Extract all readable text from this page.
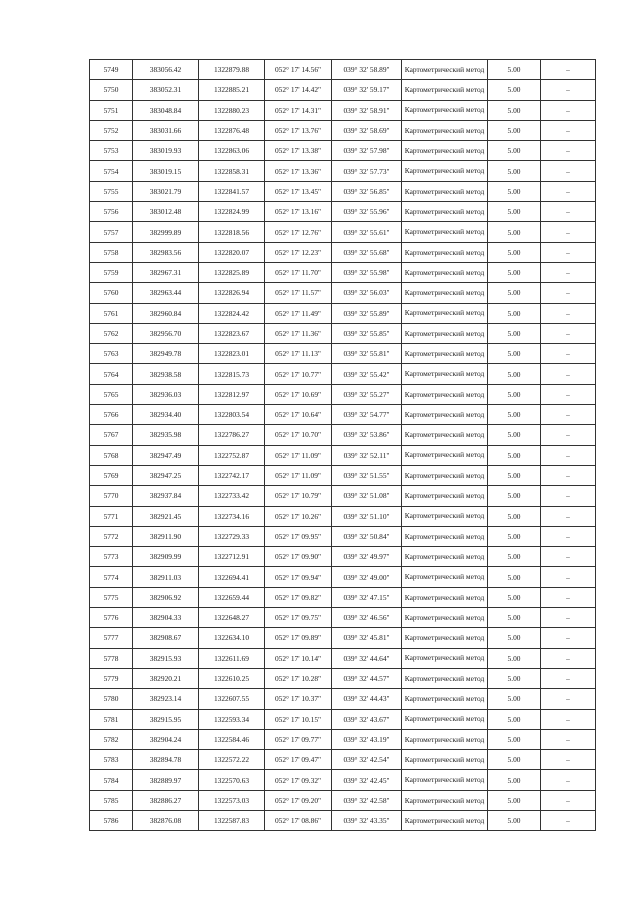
5749	383056.42	1322879.88	052° 17' 14.56"	039° 32' 58.89"	Картометрический метод	5.00	–
5750	383052.31	1322885.21	052° 17' 14.42"	039° 32' 59.17"	Картометрический метод	5.00	–
5751	383048.84	1322880.23	052° 17' 14.31"	039° 32' 58.91"	Картометрический метод	5.00	–
5752	383031.66	1322876.48	052° 17' 13.76"	039° 32' 58.69"	Картометрический метод	5.00	–
5753	383019.93	1322863.06	052° 17' 13.38"	039° 32' 57.98"	Картометрический метод	5.00	–
5754	383019.15	1322858.31	052° 17' 13.36"	039° 32' 57.73"	Картометрический метод	5.00	–
5755	383021.79	1322841.57	052° 17' 13.45"	039° 32' 56.85"	Картометрический метод	5.00	–
5756	383012.48	1322824.99	052° 17' 13.16"	039° 32' 55.96"	Картометрический метод	5.00	–
5757	382999.89	1322818.56	052° 17' 12.76"	039° 32' 55.61"	Картометрический метод	5.00	–
5758	382983.56	1322820.07	052° 17' 12.23"	039° 32' 55.68"	Картометрический метод	5.00	–
5759	382967.31	1322825.89	052° 17' 11.70"	039° 32' 55.98"	Картометрический метод	5.00	–
5760	382963.44	1322826.94	052° 17' 11.57"	039° 32' 56.03"	Картометрический метод	5.00	–
5761	382960.84	1322824.42	052° 17' 11.49"	039° 32' 55.89"	Картометрический метод	5.00	–
5762	382956.70	1322823.67	052° 17' 11.36"	039° 32' 55.85"	Картометрический метод	5.00	–
5763	382949.78	1322823.01	052° 17' 11.13"	039° 32' 55.81"	Картометрический метод	5.00	–
5764	382938.58	1322815.73	052° 17' 10.77"	039° 32' 55.42"	Картометрический метод	5.00	–
5765	382936.03	1322812.97	052° 17' 10.69"	039° 32' 55.27"	Картометрический метод	5.00	–
5766	382934.40	1322803.54	052° 17' 10.64"	039° 32' 54.77"	Картометрический метод	5.00	–
5767	382935.98	1322786.27	052° 17' 10.70"	039° 32' 53.86"	Картометрический метод	5.00	–
5768	382947.49	1322752.87	052° 17' 11.09"	039° 32' 52.11"	Картометрический метод	5.00	–
5769	382947.25	1322742.17	052° 17' 11.09"	039° 32' 51.55"	Картометрический метод	5.00	–
5770	382937.84	1322733.42	052° 17' 10.79"	039° 32' 51.08"	Картометрический метод	5.00	–
5771	382921.45	1322734.16	052° 17' 10.26"	039° 32' 51.10"	Картометрический метод	5.00	–
5772	382911.90	1322729.33	052° 17' 09.95"	039° 32' 50.84"	Картометрический метод	5.00	–
5773	382909.99	1322712.91	052° 17' 09.90"	039° 32' 49.97"	Картометрический метод	5.00	–
5774	382911.03	1322694.41	052° 17' 09.94"	039° 32' 49.00"	Картометрический метод	5.00	–
5775	382906.92	1322659.44	052° 17' 09.82"	039° 32' 47.15"	Картометрический метод	5.00	–
5776	382904.33	1322648.27	052° 17' 09.75"	039° 32' 46.56"	Картометрический метод	5.00	–
5777	382908.67	1322634.10	052° 17' 09.89"	039° 32' 45.81"	Картометрический метод	5.00	–
5778	382915.93	1322611.69	052° 17' 10.14"	039° 32' 44.64"	Картометрический метод	5.00	–
5779	382920.21	1322610.25	052° 17' 10.28"	039° 32' 44.57"	Картометрический метод	5.00	–
5780	382923.14	1322607.55	052° 17' 10.37"	039° 32' 44.43"	Картометрический метод	5.00	–
5781	382915.95	1322593.34	052° 17' 10.15"	039° 32' 43.67"	Картометрический метод	5.00	–
5782	382904.24	1322584.46	052° 17' 09.77"	039° 32' 43.19"	Картометрический метод	5.00	–
5783	382894.78	1322572.22	052° 17' 09.47"	039° 32' 42.54"	Картометрический метод	5.00	–
5784	382889.97	1322570.63	052° 17' 09.32"	039° 32' 42.45"	Картометрический метод	5.00	–
5785	382886.27	1322573.03	052° 17' 09.20"	039° 32' 42.58"	Картометрический метод	5.00	–
5786	382876.08	1322587.83	052° 17' 08.86"	039° 32' 43.35"	Картометрический метод	5.00	–
